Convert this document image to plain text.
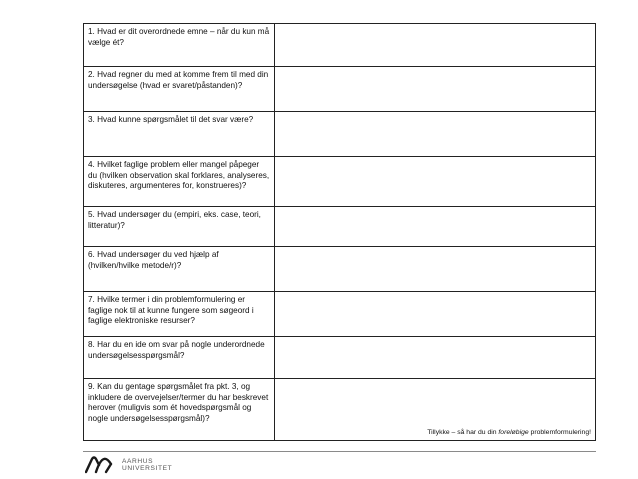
1. Hvad er dit overordnede emne – når du kun må vælge ét?	
2. Hvad regner du med at komme frem til med din undersøgelse (hvad er svaret/påstanden)?	
3. Hvad kunne spørgsmålet til det svar være?	
4. Hvilket faglige problem eller mangel påpeger du (hvilken observation skal forklares, analyseres, diskuteres, argumenteres for, konstrueres)?	
5. Hvad undersøger du (empiri, eks. case, teori, litteratur)?	
6. Hvad undersøger du ved hjælp af (hvilken/hvilke metode/r)?	
7. Hvilke termer i din problemformulering er faglige nok til at kunne fungere som søgeord i faglige elektroniske resurser?	
8. Har du en ide om svar på nogle underordnede undersøgelsesspørgsmål?	
9. Kan du gentage spørgsmålet fra pkt. 3, og inkludere de overvejelser/termer du har beskrevet herover (muligvis som ét hovedspørgsmål og nogle undersøgelsesspørgsmål)?	Tillykke – så har du din foreløbige problemformulering!
AARHUS
UNIVERSITET
